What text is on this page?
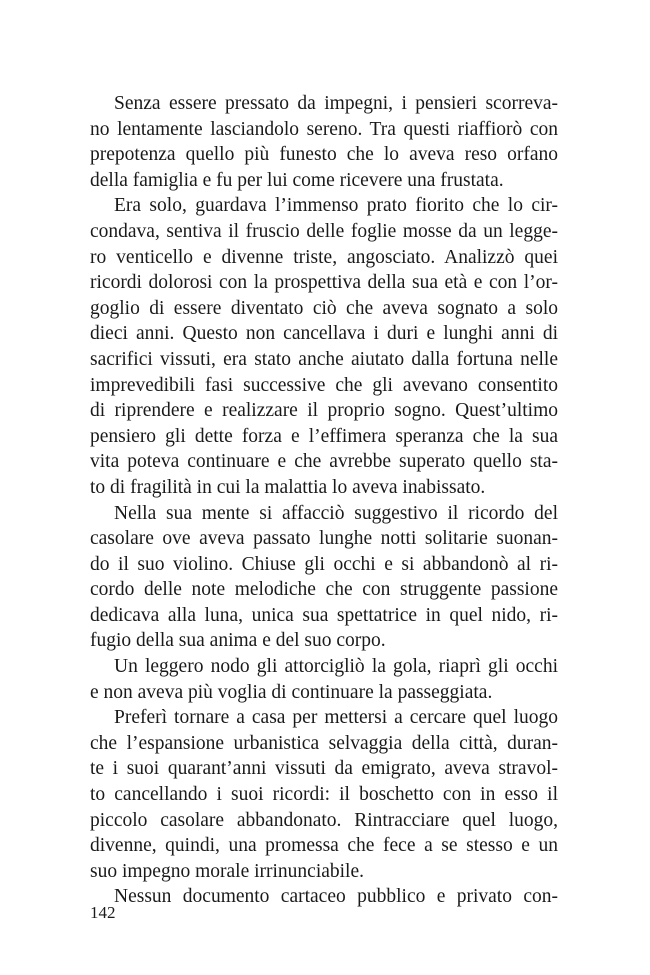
Senza essere pressato da impegni, i pensieri scorreva-
no lentamente lasciandolo sereno. Tra questi riaffiorò con
prepotenza quello più funesto che lo aveva reso orfano
della famiglia e fu per lui come ricevere una frustata.
Era solo, guardava l’immenso prato fiorito che lo cir-
condava, sentiva il fruscio delle foglie mosse da un legge-
ro venticello e divenne triste, angosciato. Analizzò quei
ricordi dolorosi con la prospettiva della sua età e con l’or-
goglio di essere diventato ciò che aveva sognato a solo
dieci anni. Questo non cancellava i duri e lunghi anni di
sacrifici vissuti, era stato anche aiutato dalla fortuna nelle
imprevedibili fasi successive che gli avevano consentito
di riprendere e realizzare il proprio sogno. Quest’ultimo
pensiero gli dette forza e l’effimera speranza che la sua
vita poteva continuare e che avrebbe superato quello sta-
to di fragilità in cui la malattia lo aveva inabissato.
Nella sua mente si affacciò suggestivo il ricordo del
casolare ove aveva passato lunghe notti solitarie suonan-
do il suo violino. Chiuse gli occhi e si abbandonò al ri-
cordo delle note melodiche che con struggente passione
dedicava alla luna, unica sua spettatrice in quel nido, ri-
fugio della sua anima e del suo corpo.
Un leggero nodo gli attorcigliò la gola, riaprì gli occhi
e non aveva più voglia di continuare la passeggiata.
Preferì tornare a casa per mettersi a cercare quel luogo
che l’espansione urbanistica selvaggia della città, duran-
te i suoi quarant’anni vissuti da emigrato, aveva stravol-
to cancellando i suoi ricordi: il boschetto con in esso il
piccolo casolare abbandonato. Rintracciare quel luogo,
divenne, quindi, una promessa che fece a se stesso e un
suo impegno morale irrinunciabile.
Nessun documento cartaceo pubblico e privato con-
142
